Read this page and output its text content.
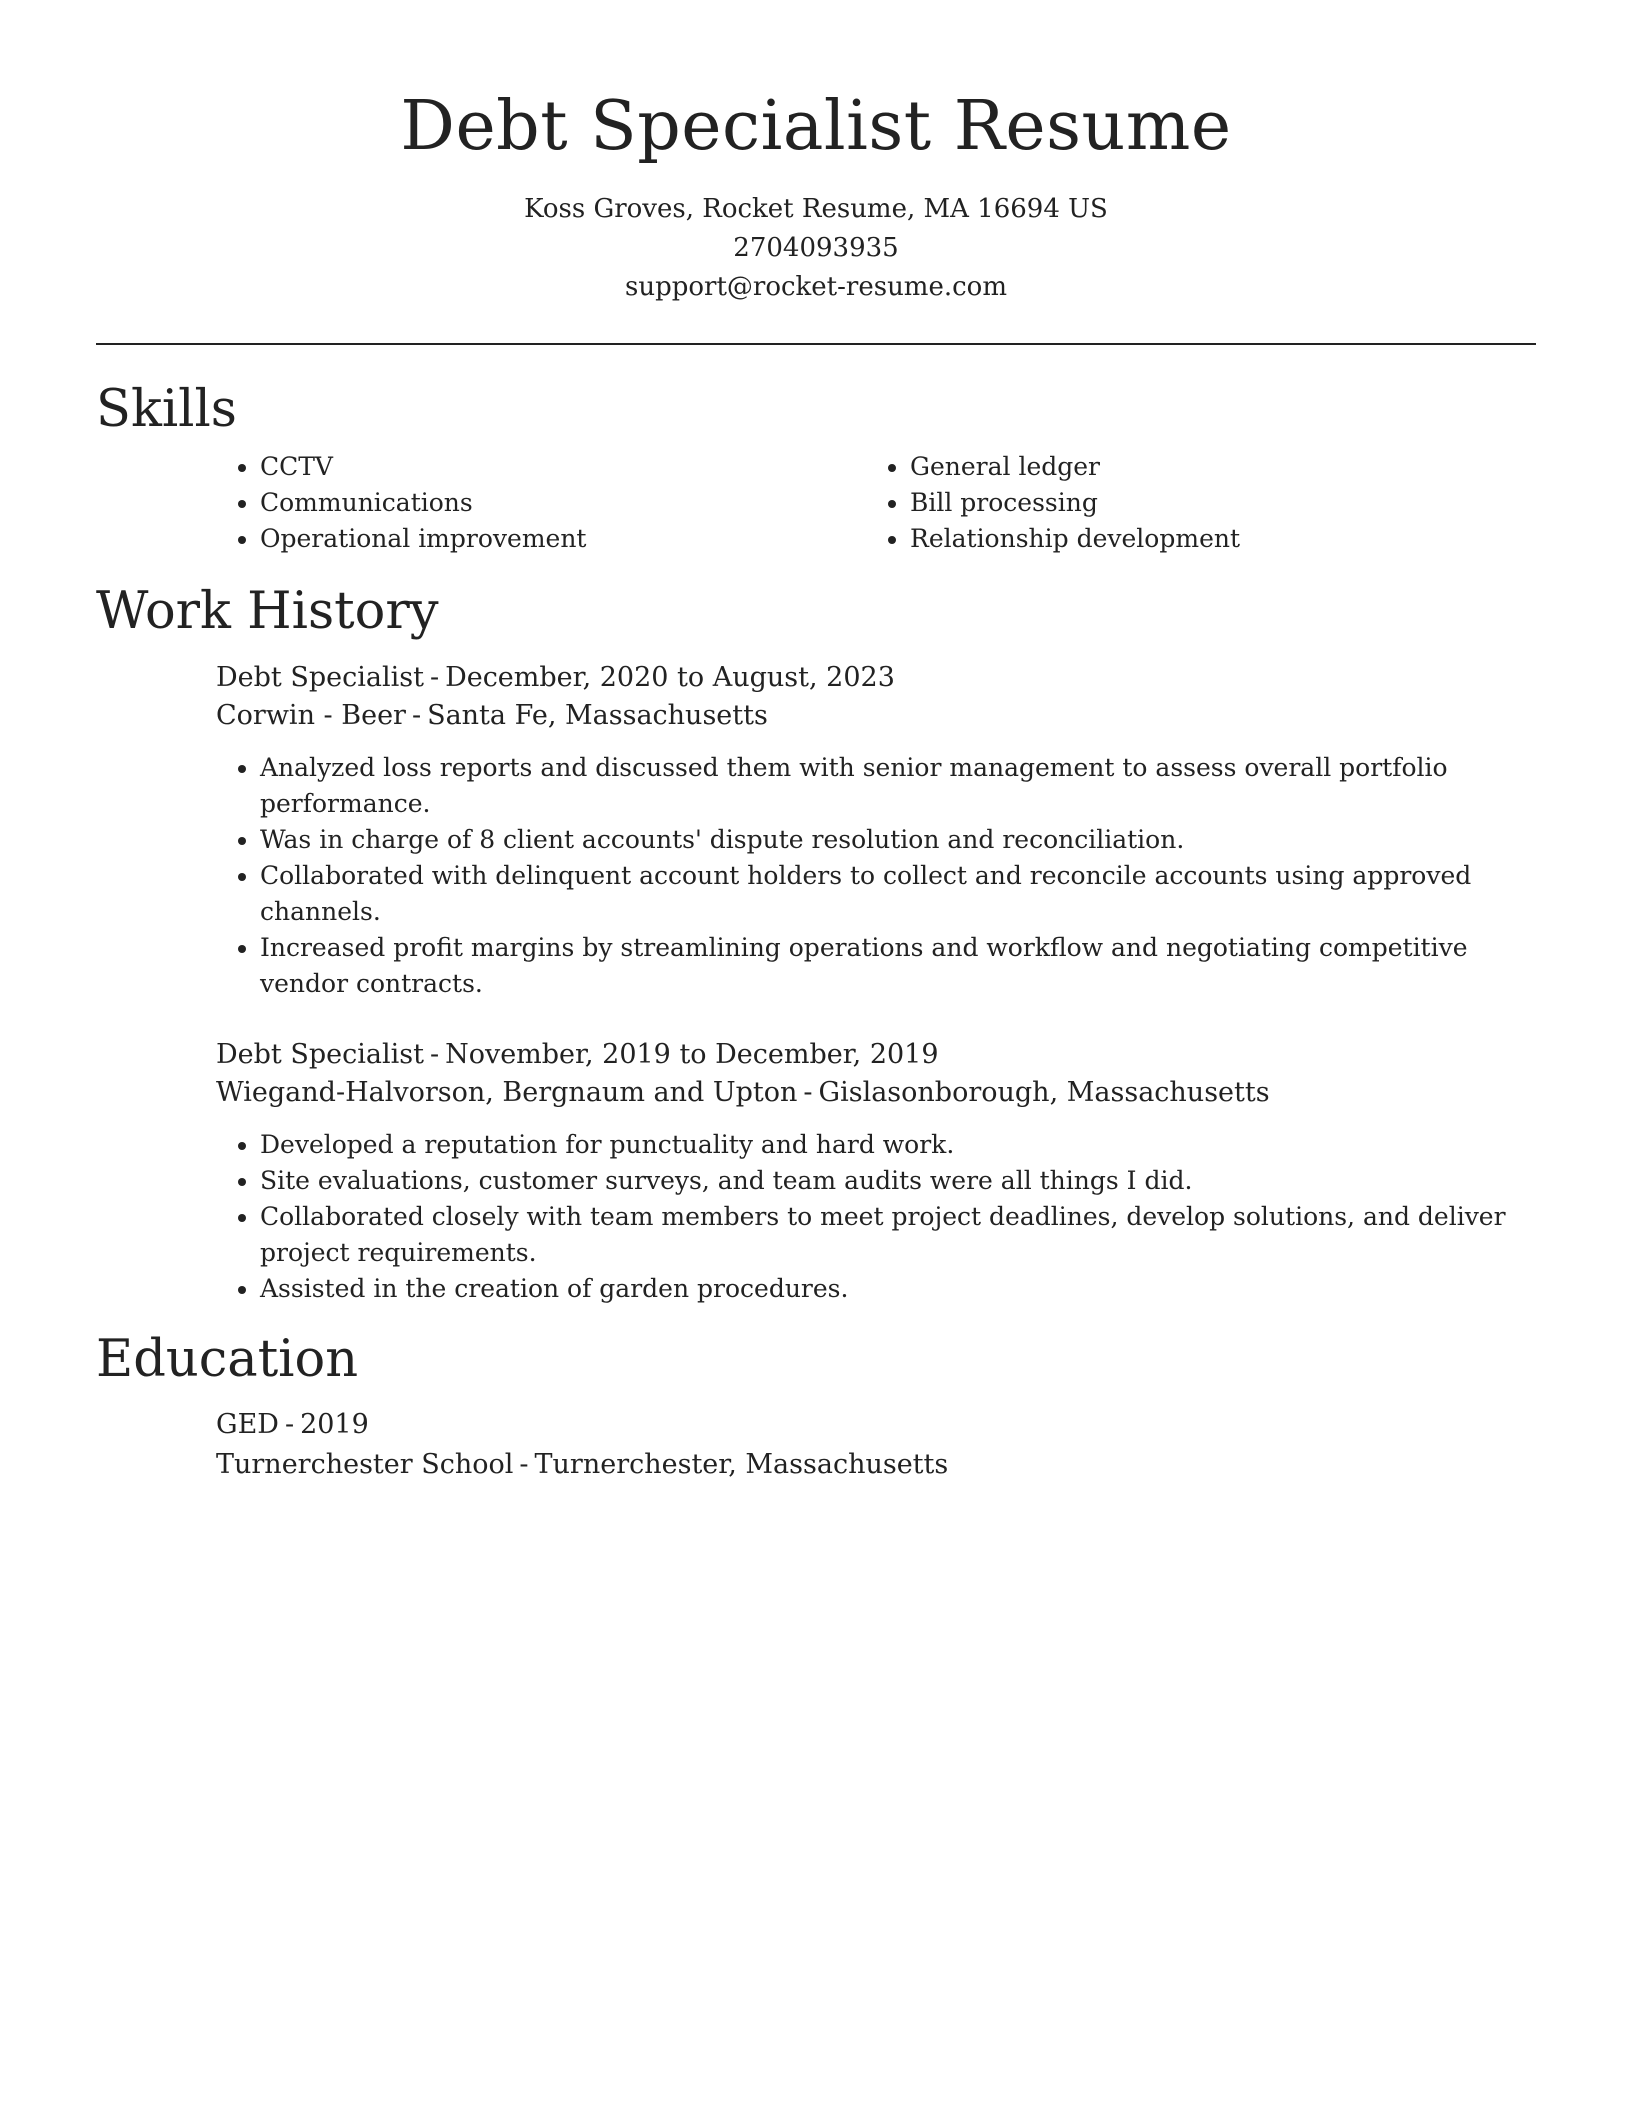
Debt Specialist Resume
Koss Groves, Rocket Resume, MA 16694 US
2704093935
support@rocket-resume.com
Skills
• CCTV
• Communications
• Operational improvement
• General ledger
• Bill processing
• Relationship development
Work History
Debt Specialist - December, 2020 to August, 2023
Corwin - Beer - Santa Fe, Massachusetts
• Analyzed loss reports and discussed them with senior management to assess overall portfolio performance.
• Was in charge of 8 client accounts' dispute resolution and reconciliation.
• Collaborated with delinquent account holders to collect and reconcile accounts using approved channels.
• Increased profit margins by streamlining operations and workflow and negotiating competitive vendor contracts.
Debt Specialist - November, 2019 to December, 2019
Wiegand-Halvorson, Bergnaum and Upton - Gislasonborough, Massachusetts
• Developed a reputation for punctuality and hard work.
• Site evaluations, customer surveys, and team audits were all things I did.
• Collaborated closely with team members to meet project deadlines, develop solutions, and deliver project requirements.
• Assisted in the creation of garden procedures.
Education
GED - 2019
Turnerchester School - Turnerchester, Massachusetts
